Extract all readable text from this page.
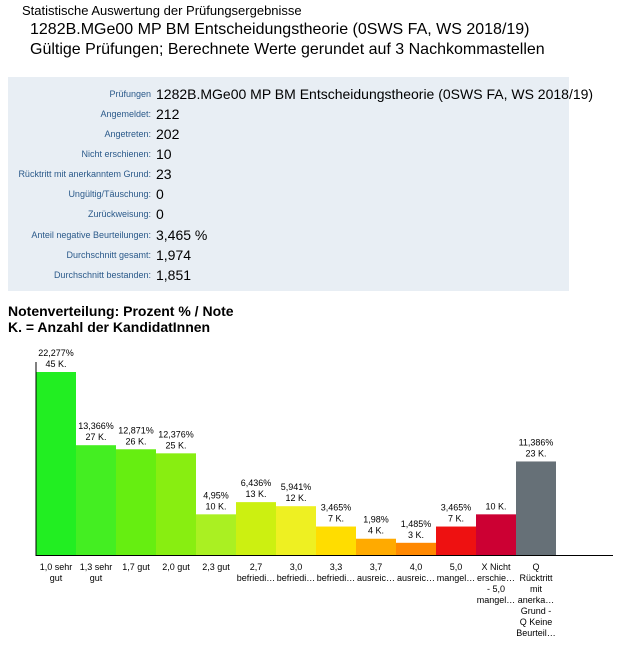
Statistische Auswertung der Prüfungsergebnisse
1282B.MGe00 MP BM Entscheidungstheorie (0SWS FA, WS 2018/19)
Gültige Prüfungen; Berechnete Werte gerundet auf 3 Nachkommastellen
Prüfungen 1282B.MGe00 MP BM Entscheidungstheorie (0SWS FA, WS 2018/19)
Angemeldet: 212
Angetreten: 202
Nicht erschienen: 10
Rücktritt mit anerkanntem Grund: 23
Ungültig/Täuschung: 0
Zurückweisung: 0
Anteil negative Beurteilungen: 3,465 %
Durchschnitt gesamt: 1,974
Durchschnitt bestanden: 1,851
Notenverteilung: Prozent % / Note
K. = Anzahl der KandidatInnen
22,277%
45 K.
1,0 sehr
gut
13,366%
27 K.
1,3 sehr
gut
12,871%
26 K.
1,7 gut
12,376%
25 K.
2,0 gut
4,95%
10 K.
2,3 gut
6,436%
13 K.
2,7
befriedi…
5,941%
12 K.
3,0
befriedi…
3,465%
7 K.
3,3
befriedi…
1,98%
4 K.
3,7
ausreic…
1,485%
3 K.
4,0
ausreic…
3,465%
7 K.
5,0
mangel…
10 K.
X Nicht
erschie…
- 5,0
mangel…
11,386%
23 K.
Q
Rücktritt
mit
anerka…
Grund -
Q Keine
Beurteil…
